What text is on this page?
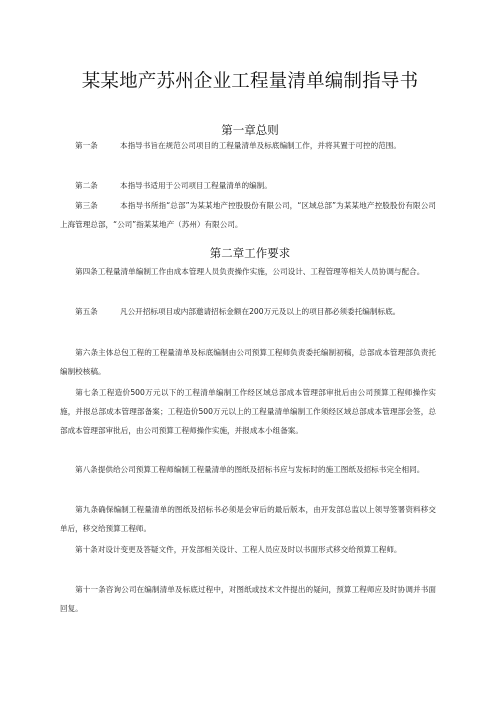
某某地产苏州企业工程量清单编制指导书
第一章总则
第一条	本指导书旨在规范公司项目的工程量清单及标底编制工作，并将其置于可控的范围。
第二条	本指导书适用于公司项目工程量清单的编制。
第三条	本指导书所指“总部”为某某地产控股股份有限公司，“区域总部”为某某地产控股股份有限公司上海管理总部，“公司”指某某地产（苏州）有限公司。
第二章工作要求
第四条工程量清单编制工作由成本管理人员负责操作实施，公司设计、工程管理等相关人员协调与配合。
第五条	凡公开招标项目或内部邀请招标金额在200万元及以上的项目都必须委托编制标底。
第六条主体总包工程的工程量清单及标底编制由公司预算工程师负责委托编制初稿，总部成本管理部负责托编制校核稿。
第七条工程造价500万元以下的工程清单编制工作经区域总部成本管理部审批后由公司预算工程师操作实施，并报总部成本管理部备案；工程造价500万元以上的工程量清单编制工作须经区域总部成本管理部会签，总部成本管理部审批后，由公司预算工程师操作实施，并报成本小组备案。
第八条提供给公司预算工程师编制工程量清单的图纸及招标书应与发标时的施工图纸及招标书完全相同。
第九条确保编制工程量清单的图纸及招标书必须是会审后的最后版本，由开发部总监以上领导签署资料移交单后，移交给预算工程师。
第十条对设计变更及答疑文件，开发部相关设计、工程人员应及时以书面形式移交给预算工程师。
第十一条咨询公司在编制清单及标底过程中，对图纸或技术文件提出的疑问，预算工程师应及时协调并书面回复。
